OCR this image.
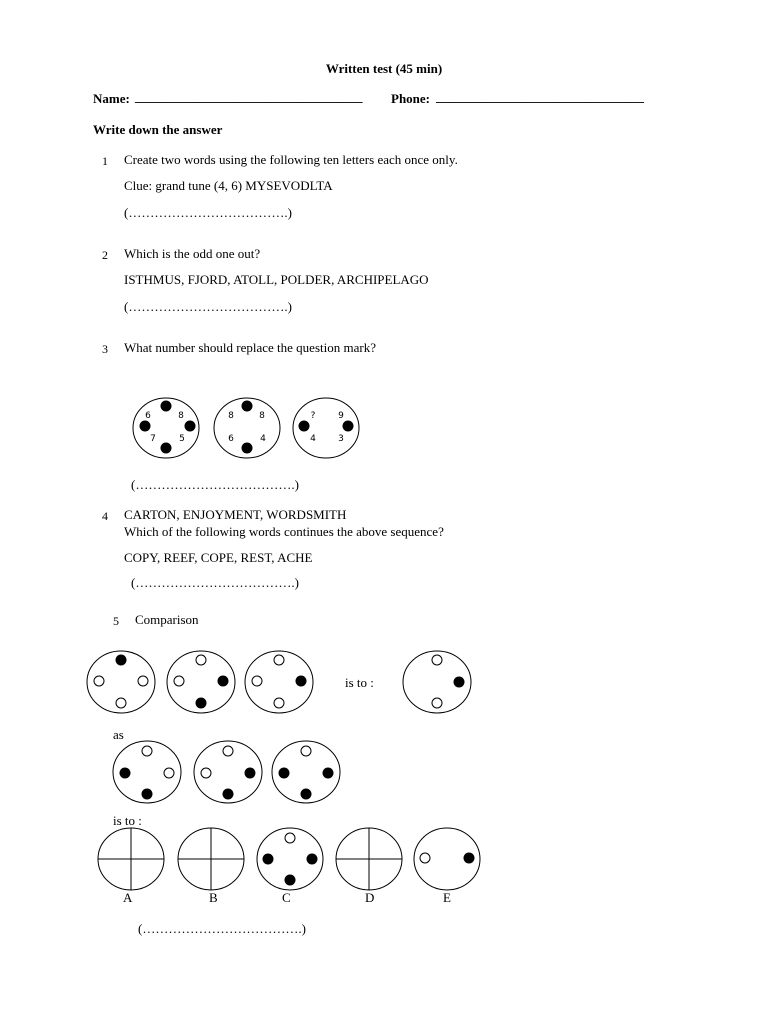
Written test (45 min)
Name: ___________________________________ Phone: ________________________________
Write down the answer
1 Create two words using the following ten letters each once only.
Clue: grand tune (4, 6) MYSEVODLTA
(……………………………….)
2 Which is the odd one out?
ISTHMUS, FJORD, ATOLL, POLDER, ARCHIPELAGO
(……………………………….)
3 What number should replace the question mark?
6	8
7	5
8	8
6	4
?	9
4 3
(……………………………….)
4 CARTON, ENJOYMENT, WORDSMITH
Which of the following words continues the above sequence?
COPY, REEF, COPE, REST, ACHE
(……………………………….)
5 Comparison
is to :
as
is to :
A	B	C	D	E
(……………………………….)
